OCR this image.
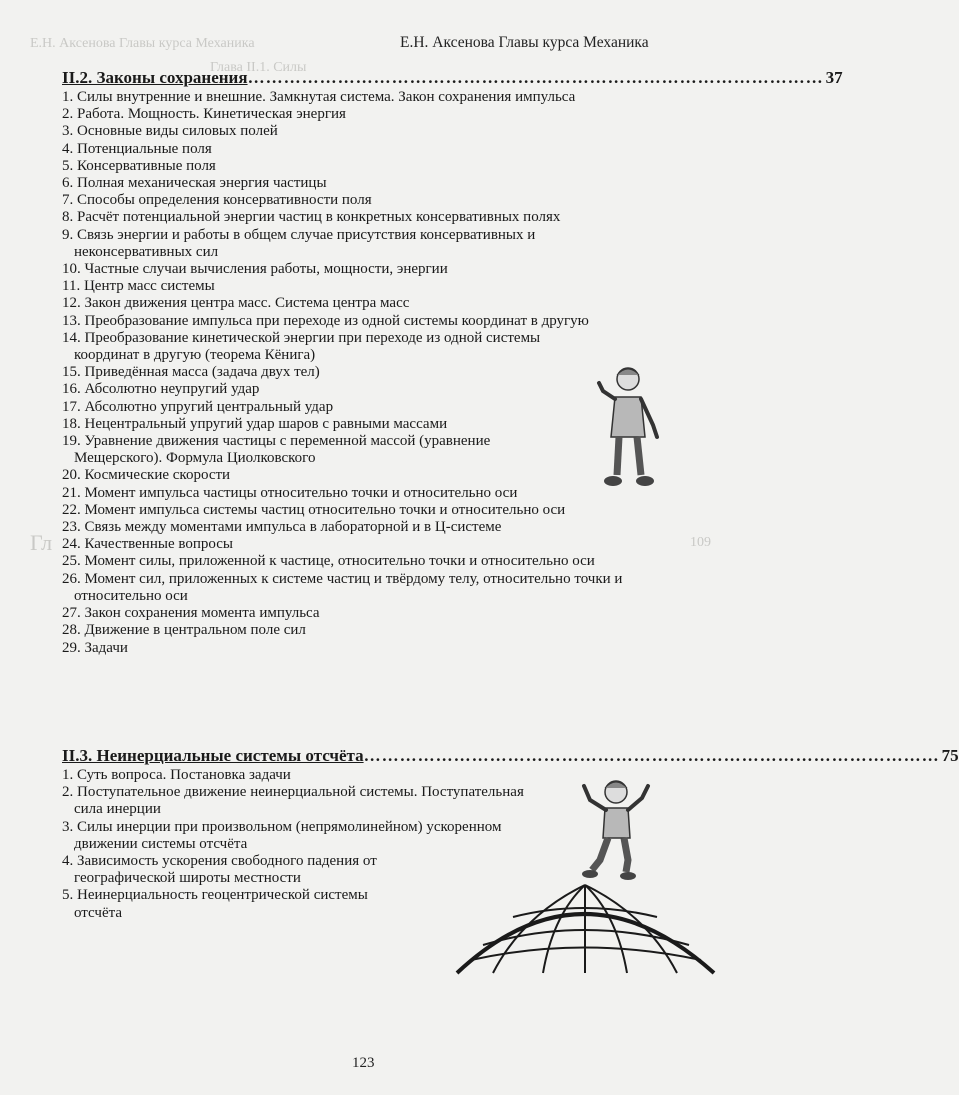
Е.Н. Аксенова Главы курса Механика
Глава II.1. Силы
Гл	109
Е.Н. Аксенова Главы курса Механика
II.2. Законы сохранения …………………………………………………………………………………… 37
1. Силы внутренние и внешние. Замкнутая система. Закон сохранения импульса
2. Работа. Мощность. Кинетическая энергия
3. Основные виды силовых полей
4. Потенциальные поля
5. Консервативные поля
6. Полная механическая энергия частицы
7. Способы определения консервативности поля
8. Расчёт потенциальной энергии частиц в конкретных консервативных полях
9. Связь энергии и работы в общем случае присутствия консервативных и
неконсервативных сил
10. Частные случаи вычисления работы, мощности, энергии
11. Центр масс системы
12. Закон движения центра масс. Система центра масс
13. Преобразование импульса при переходе из одной системы координат в другую
14. Преобразование кинетической энергии при переходе из одной системы
координат в другую (теорема Кёнига)
15. Приведённая масса (задача двух тел)
16. Абсолютно неупругий удар
17. Абсолютно упругий центральный удар
18. Нецентральный упругий удар шаров с равными массами
19. Уравнение движения частицы с переменной массой (уравнение
Мещерского). Формула Циолковского
20. Космические скорости
21. Момент импульса частицы относительно точки и относительно оси
22. Момент импульса системы частиц относительно точки и относительно оси
23. Связь между моментами импульса в лабораторной и в Ц-системе
24. Качественные вопросы
25. Момент силы, приложенной к частице, относительно точки и относительно оси
26. Момент сил, приложенных к системе частиц и твёрдому телу, относительно точки и
относительно оси
27. Закон сохранения момента импульса
28. Движение в центральном поле сил
29. Задачи
II.3. Неинерциальные системы отсчёта …………………………………………………………………………………… 75
1. Суть вопроса. Постановка задачи
2. Поступательное движение неинерциальной системы. Поступательная
сила инерции
3. Силы инерции при произвольном (непрямолинейном) ускоренном
движении системы отсчёта
4. Зависимость ускорения свободного падения от
географической широты местности
5. Неинерциальность геоцентрической системы
отсчёта
123
